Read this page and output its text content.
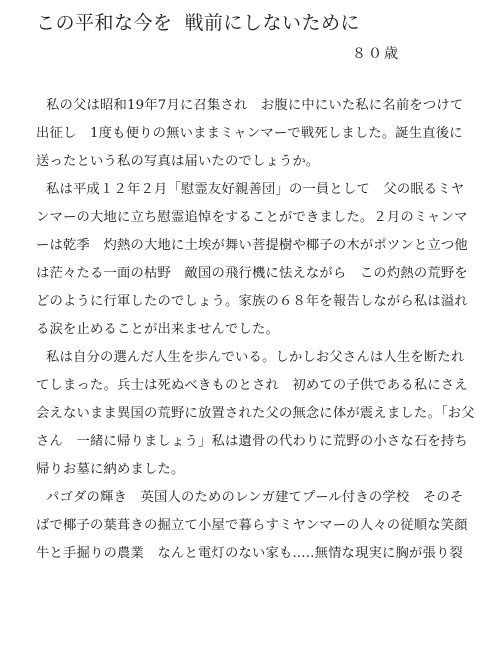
この平和な今を 戦前にしないために
８０歳
私の父は昭和19年7月に召集され　お腹に中にいた私に名前をつけて
出征し　1度も便りの無いままミャンマーで戦死しました。誕生直後に
送ったという私の写真は届いたのでしょうか。
私は平成１２年２月「慰霊友好親善団」の一員として　父の眠るミヤ
ンマーの大地に立ち慰霊追悼をすることができました。２月のミャンマ
ーは乾季　灼熱の大地に土埃が舞い菩提樹や椰子の木がポツンと立つ他
は茫々たる一面の枯野　敵国の飛行機に怯えながら　この灼熱の荒野を
どのように行軍したのでしょう。家族の６８年を報告しながら私は溢れ
る涙を止めることが出来ませんでした。
私は自分の選んだ人生を歩んでいる。しかしお父さんは人生を断たれ
てしまった。兵士は死ぬべきものとされ　初めての子供である私にさえ
会えないまま異国の荒野に放置された父の無念に体が震えました。「お父
さん　一緒に帰りましょう」私は遺骨の代わりに荒野の小さな石を持ち
帰りお墓に納めました。
パゴダの輝き　英国人のためのレンガ建てプール付きの学校　そのそ
ばで椰子の葉葺きの掘立て小屋で暮らすミヤンマーの人々の従順な笑顔
牛と手掘りの農業　なんと電灯のない家も.....無情な現実に胸が張り裂
